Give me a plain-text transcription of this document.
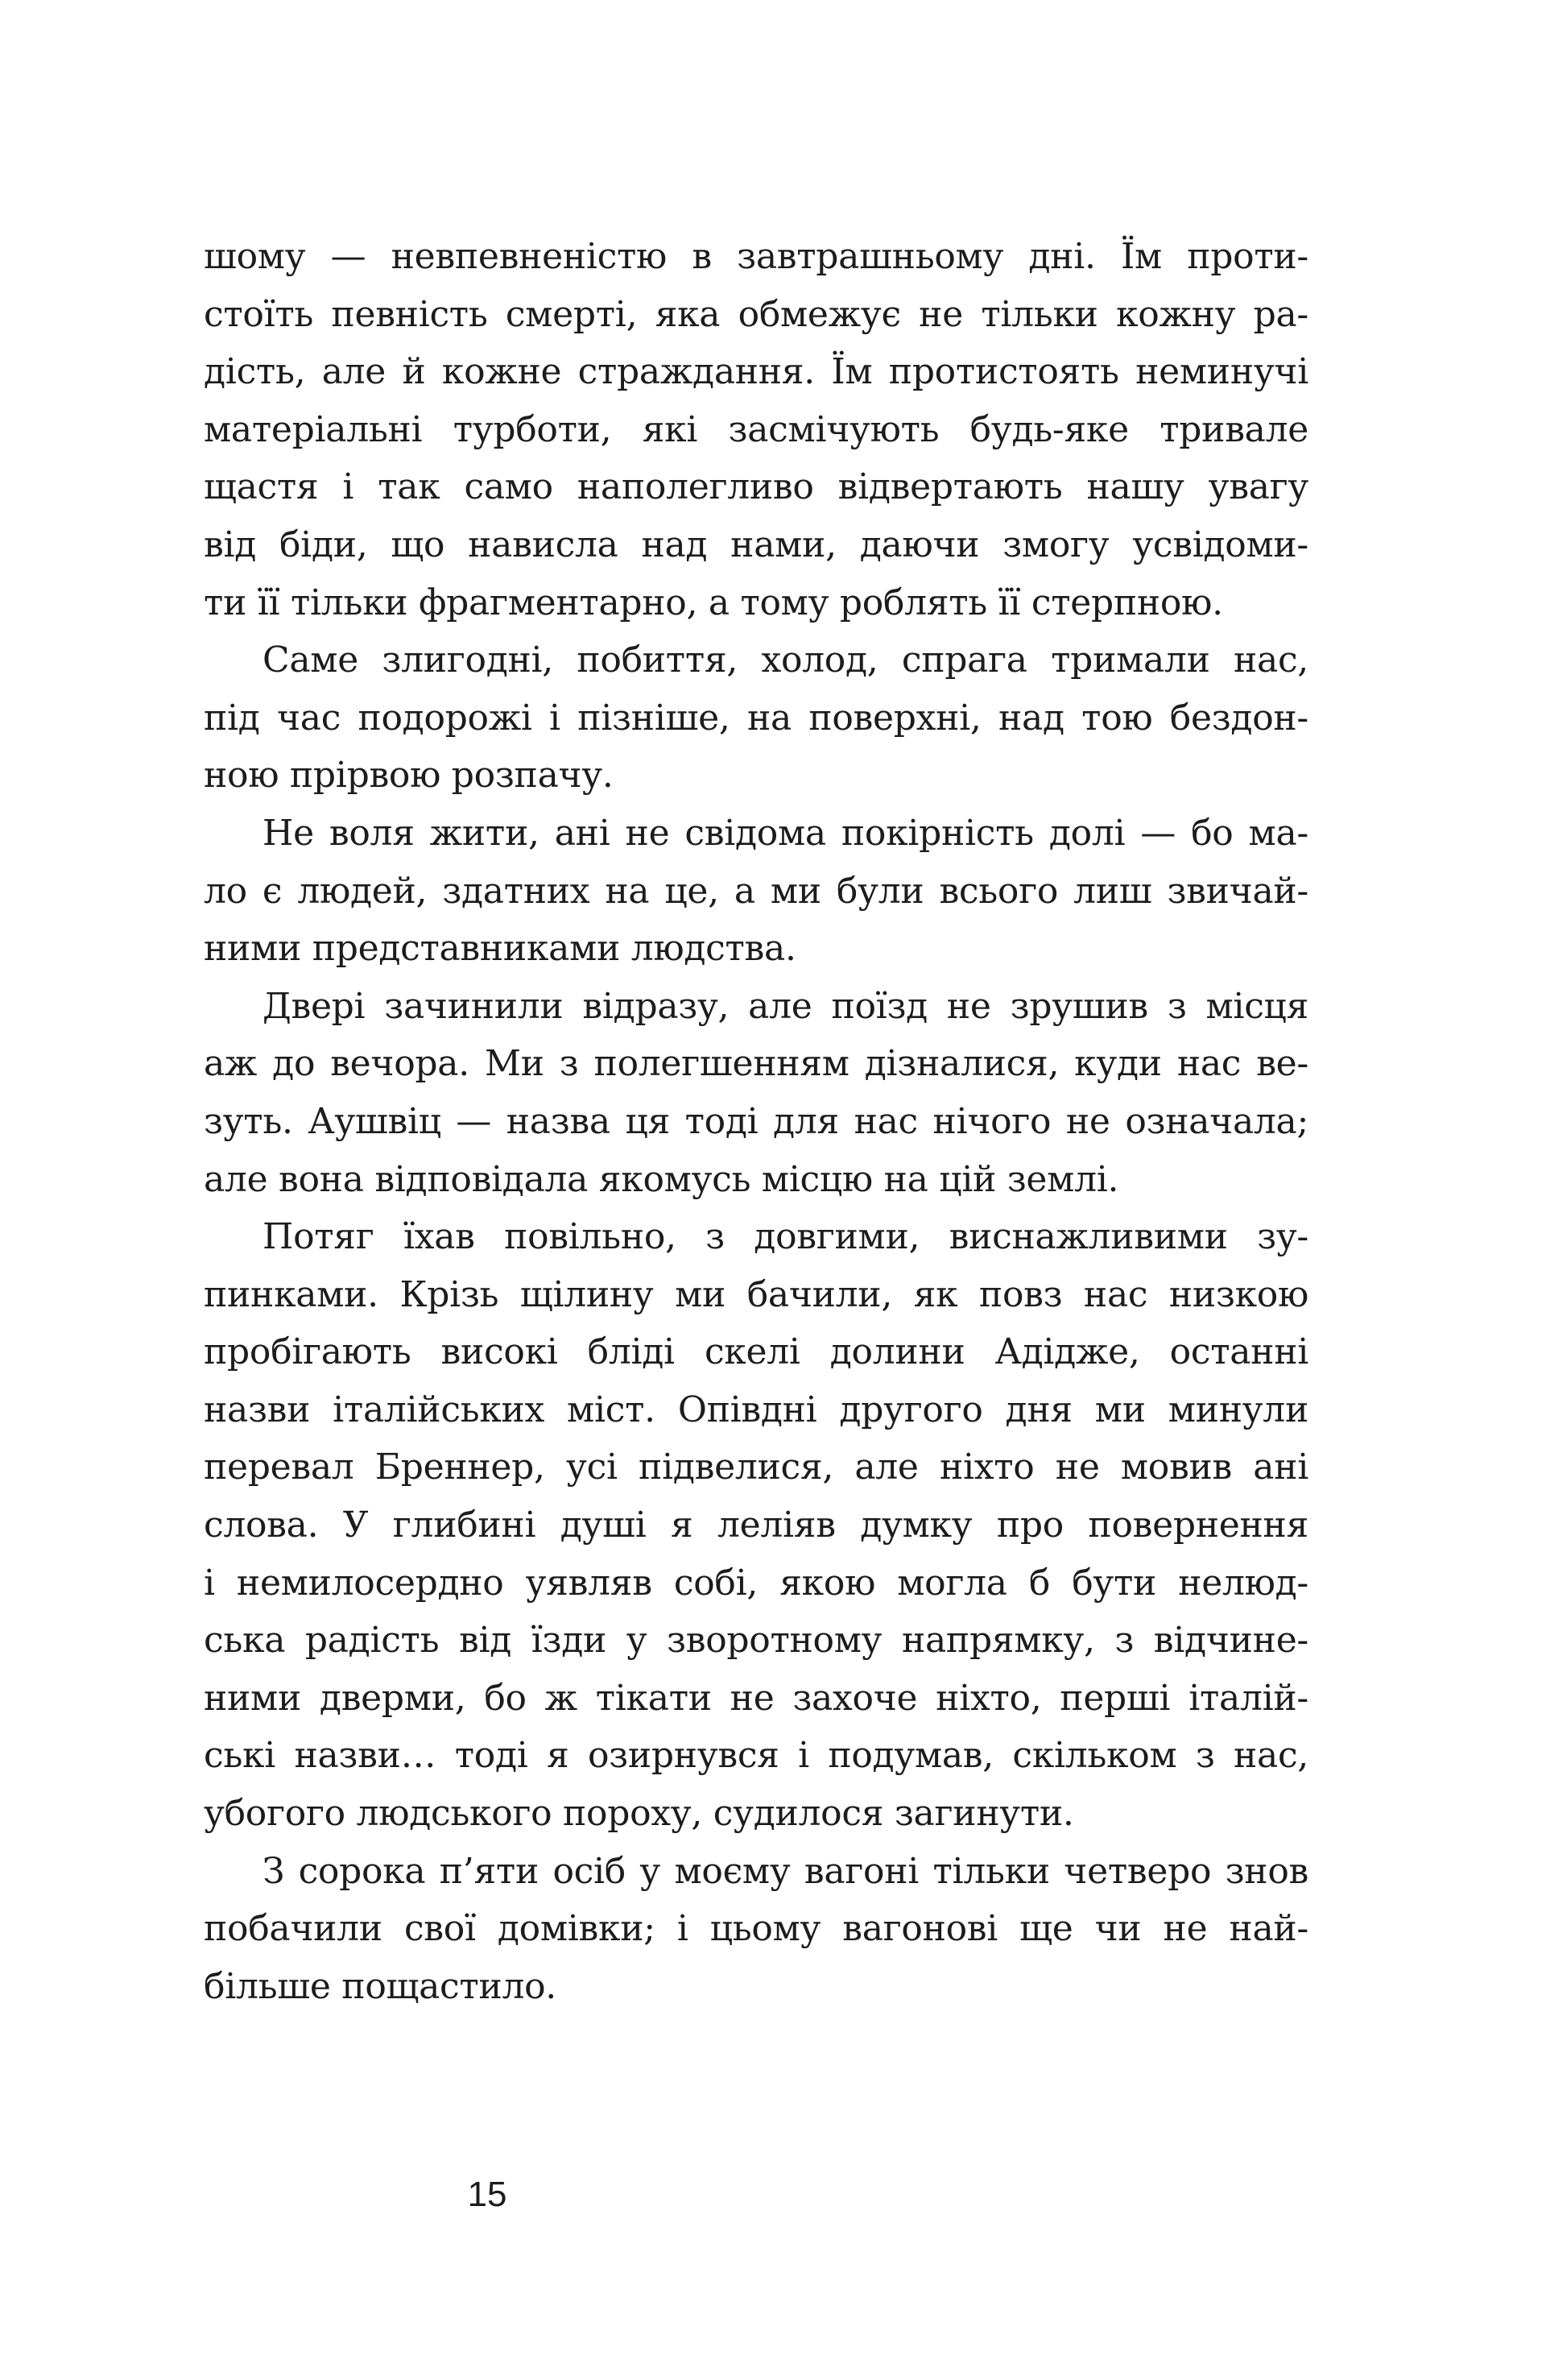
шому — невпевненістю в завтрашньому дні. Їм проти-
стоїть певність смерті, яка обмежує не тільки кожну ра-
дість, але й кожне страждання. Їм протистоять неминучі
матеріальні турботи, які засмічують будь-яке тривале
щастя і так само наполегливо відвертають нашу увагу
від біди, що нависла над нами, даючи змогу усвідоми-
ти її тільки фрагментарно, а тому роблять її стерпною.
Саме злигодні, побиття, холод, спрага тримали нас,
під час подорожі і пізніше, на поверхні, над тою бездон-
ною прірвою розпачу.
Не воля жити, ані не свідома покірність долі — бо ма-
ло є людей, здатних на це, а ми були всього лиш звичай-
ними представниками людства.
Двері зачинили відразу, але поїзд не зрушив з місця
аж до вечора. Ми з полегшенням дізналися, куди нас ве-
зуть. Аушвіц — назва ця тоді для нас нічого не означала;
але вона відповідала якомусь місцю на цій землі.
Потяг їхав повільно, з довгими, виснажливими зу-
пинками. Крізь щілину ми бачили, як повз нас низкою
пробігають високі бліді скелі долини Адідже, останні
назви італійських міст. Опівдні другого дня ми минули
перевал Бреннер, усі підвелися, але ніхто не мовив ані
слова. У глибині душі я леліяв думку про повернення
і немилосердно уявляв собі, якою могла б бути нелюд-
ська радість від їзди у зворотному напрямку, з відчине-
ними дверми, бо ж тікати не захоче ніхто, перші італій-
ські назви… тоді я озирнувся і подумав, скільком з нас,
убогого людського пороху, судилося загинути.
З сорока п’яти осіб у моєму вагоні тільки четверо знов
побачили свої домівки; і цьому вагонові ще чи не най-
більше пощастило.
15
